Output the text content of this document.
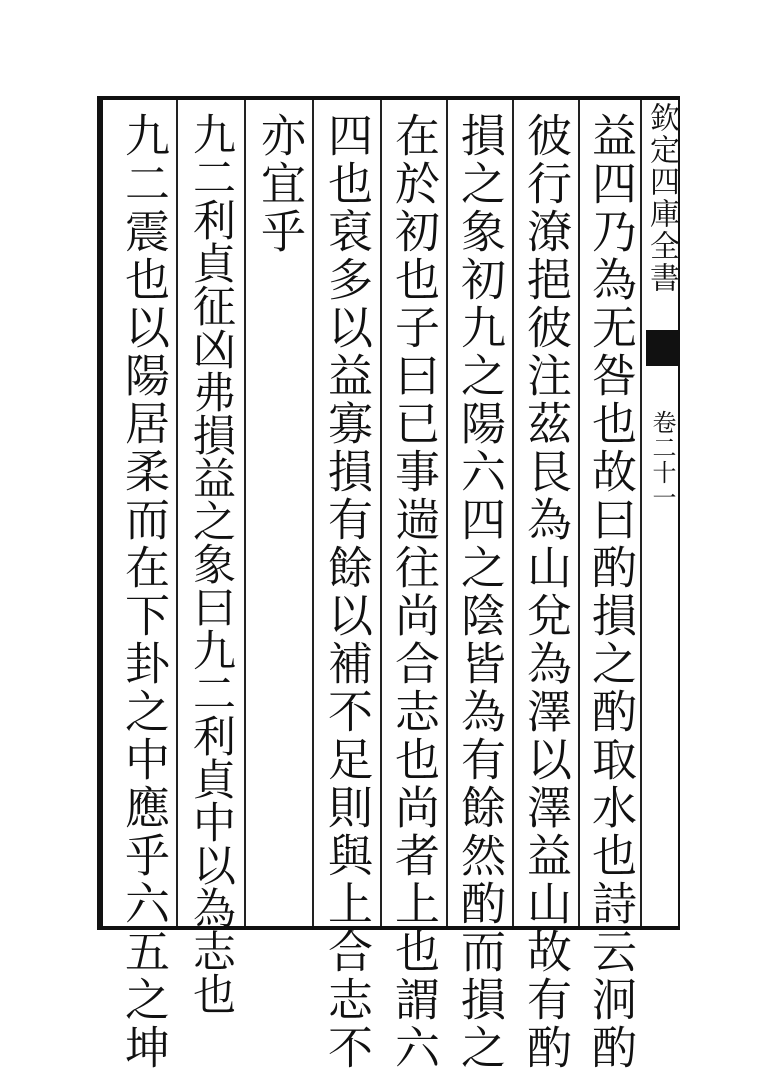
欽定四庫全書
卷二十一
益四乃為无咎也故曰酌損之酌取水也詩云泂酌
彼行潦挹彼注茲艮為山兌為澤以澤益山故有酌
損之象初九之陽六四之陰皆為有餘然酌而損之
在於初也子曰已事遄往尚合志也尚者上也謂六
四也裒多以益寡損有餘以補不足則與上合志不
亦宜乎
九二利貞征凶弗損益之象曰九二利貞中以為志也
九二震也以陽居柔而在下卦之中應乎六五之坤
